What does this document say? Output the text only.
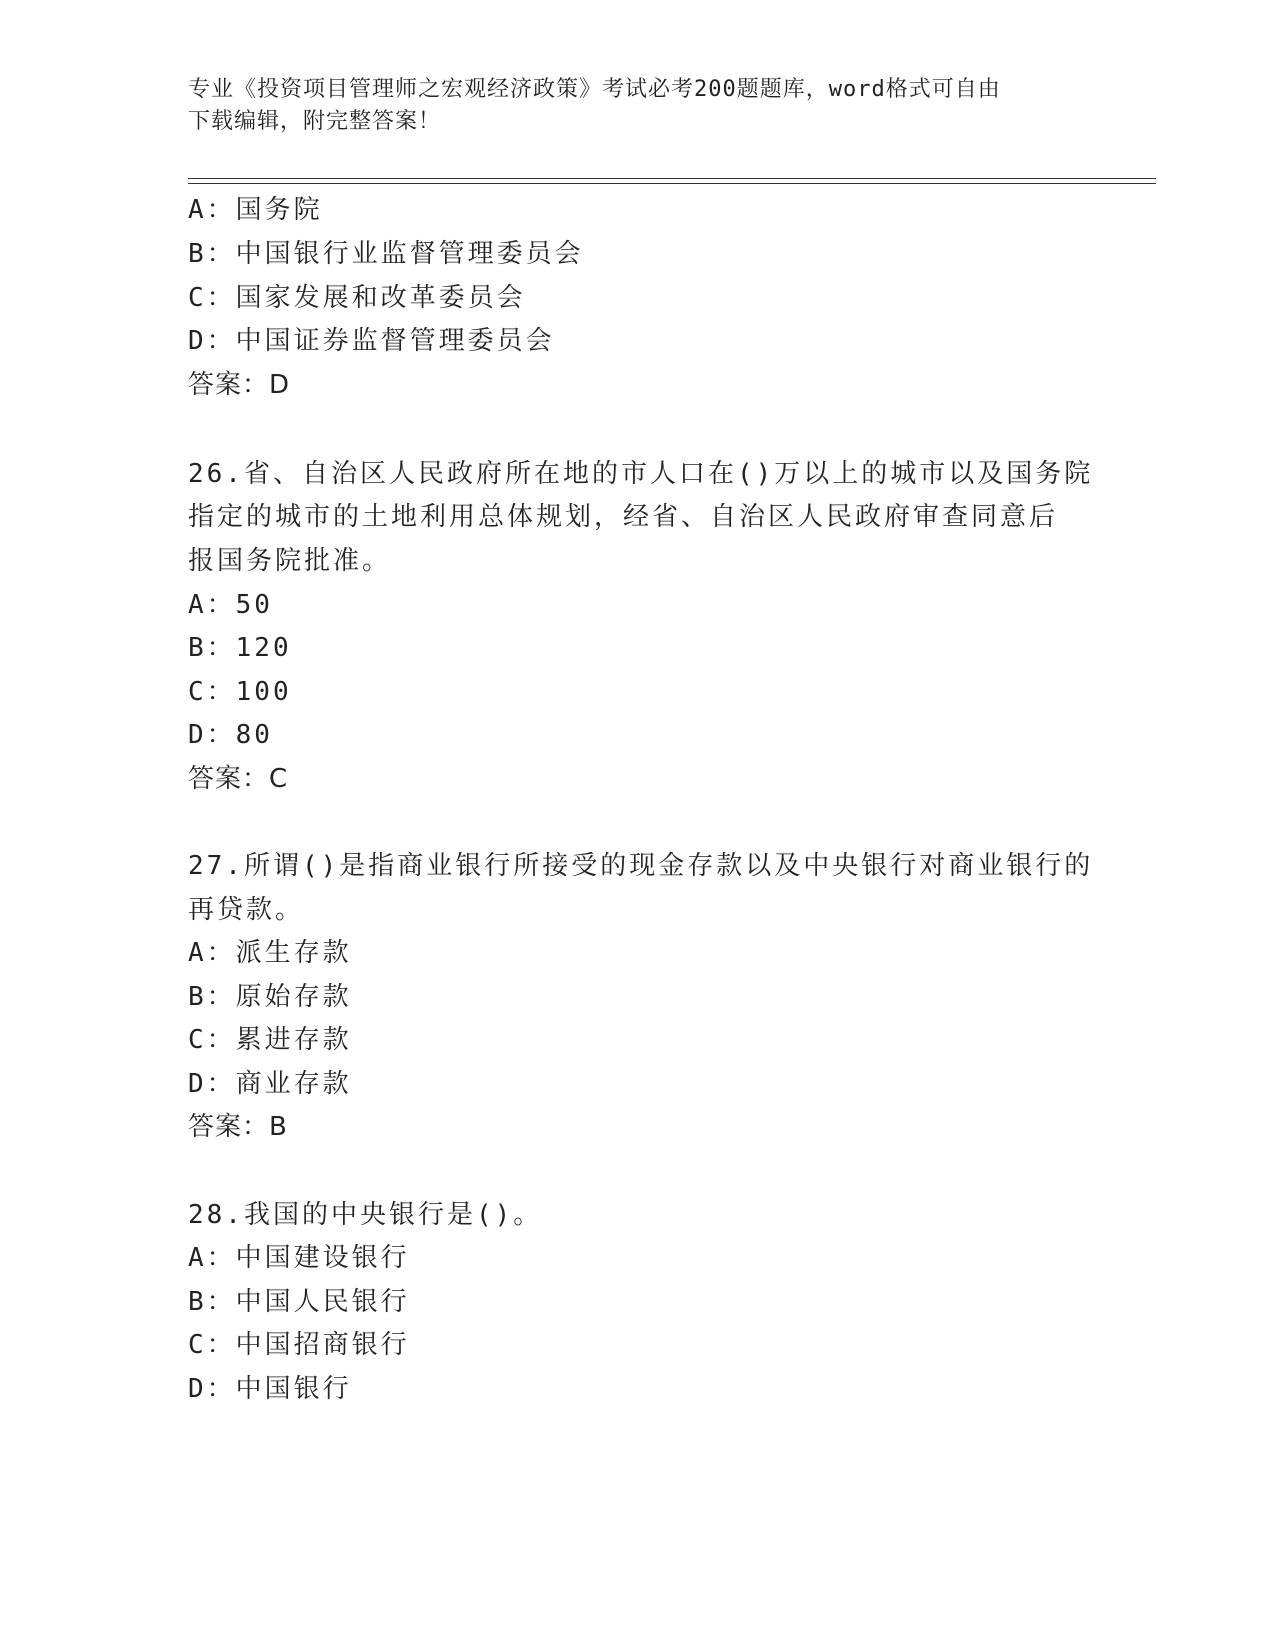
专业《投资项目管理师之宏观经济政策》考试必考200题题库，word格式可自由
下载编辑，附完整答案！
A：国务院
B：中国银行业监督管理委员会
C：国家发展和改革委员会
D：中国证券监督管理委员会
答案：D
26.省、自治区人民政府所在地的市人口在()万以上的城市以及国务院
指定的城市的土地利用总体规划，经省、自治区人民政府审查同意后
报国务院批准。
A：50
B：120
C：100
D：80
答案：C
27.所谓()是指商业银行所接受的现金存款以及中央银行对商业银行的
再贷款。
A：派生存款
B：原始存款
C：累进存款
D：商业存款
答案：B
28.我国的中央银行是()。
A：中国建设银行
B：中国人民银行
C：中国招商银行
D：中国银行
